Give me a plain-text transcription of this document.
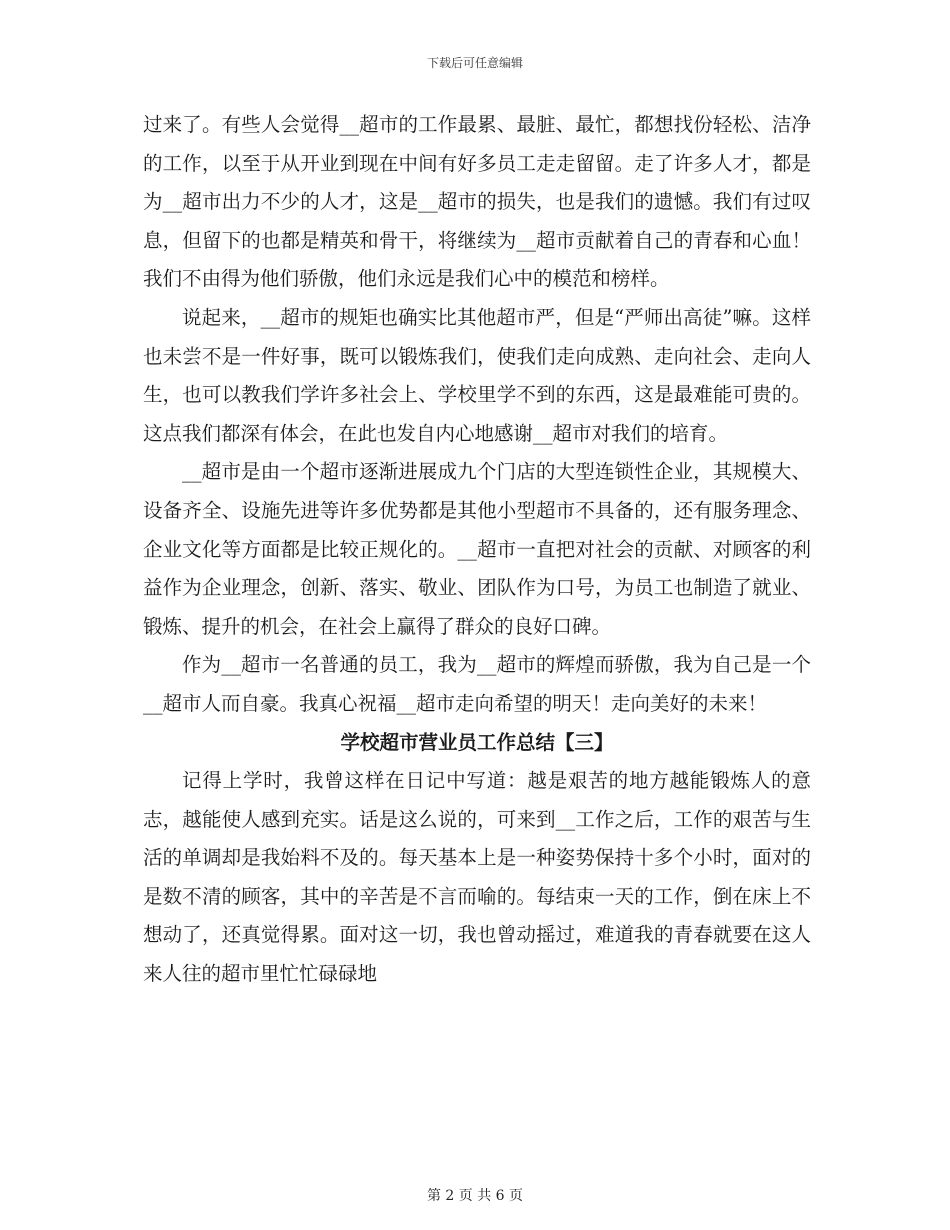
下载后可任意编辑

过来了。有些人会觉得__超市的工作最累、最脏、最忙，都想找份轻松、洁净的工作，以至于从开业到现在中间有好多员工走走留留。走了许多人才，都是为__超市出力不少的人才，这是__超市的损失，也是我们的遗憾。我们有过叹息，但留下的也都是精英和骨干，将继续为__超市贡献着自己的青春和心血！我们不由得为他们骄傲，他们永远是我们心中的模范和榜样。

说起来，__超市的规矩也确实比其他超市严，但是“严师出高徒”嘛。这样也未尝不是一件好事，既可以锻炼我们，使我们走向成熟、走向社会、走向人生，也可以教我们学许多社会上、学校里学不到的东西，这是最难能可贵的。这点我们都深有体会，在此也发自内心地感谢__超市对我们的培育。

__超市是由一个超市逐渐进展成九个门店的大型连锁性企业，其规模大、设备齐全、设施先进等许多优势都是其他小型超市不具备的，还有服务理念、企业文化等方面都是比较正规化的。__超市一直把对社会的贡献、对顾客的利益作为企业理念，创新、落实、敬业、团队作为口号，为员工也制造了就业、锻炼、提升的机会，在社会上赢得了群众的良好口碑。

作为__超市一名普通的员工，我为__超市的辉煌而骄傲，我为自己是一个__超市人而自豪。我真心祝福__超市走向希望的明天！走向美好的未来！

学校超市营业员工作总结【三】

记得上学时，我曾这样在日记中写道：越是艰苦的地方越能锻炼人的意志，越能使人感到充实。话是这么说的，可来到__工作之后，工作的艰苦与生活的单调却是我始料不及的。每天基本上是一种姿势保持十多个小时，面对的是数不清的顾客，其中的辛苦是不言而喻的。每结束一天的工作，倒在床上不想动了，还真觉得累。面对这一切，我也曾动摇过，难道我的青春就要在这人来人往的超市里忙忙碌碌地

第 2 页 共 6 页
